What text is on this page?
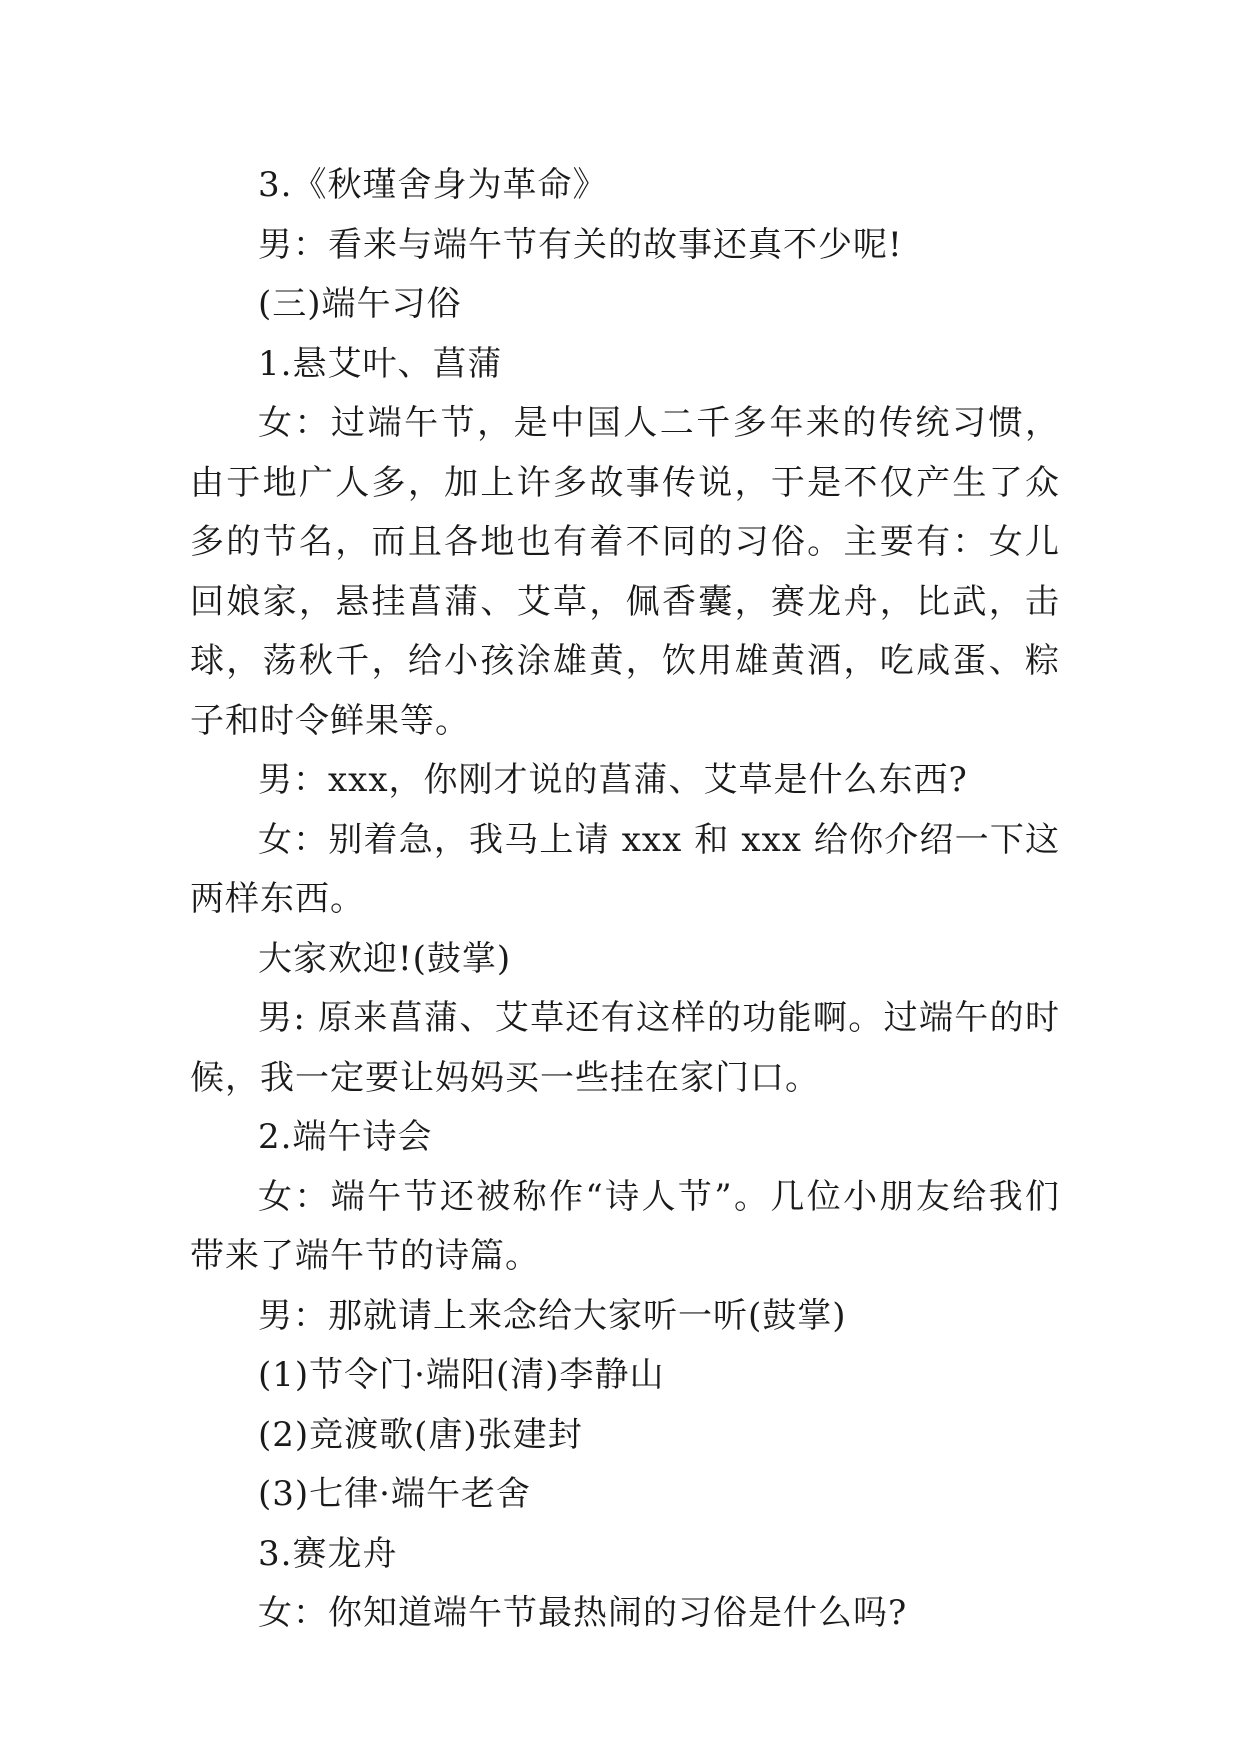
3.《秋瑾舍身为革命》

男：看来与端午节有关的故事还真不少呢!

(三)端午习俗

1.悬艾叶、菖蒲

女：过端午节，是中国人二千多年来的传统习惯，由于地广人多，加上许多故事传说，于是不仅产生了众多的节名，而且各地也有着不同的习俗。主要有：女儿回娘家，悬挂菖蒲、艾草，佩香囊，赛龙舟，比武，击球，荡秋千，给小孩涂雄黄，饮用雄黄酒，吃咸蛋、粽子和时令鲜果等。

男：xxx，你刚才说的菖蒲、艾草是什么东西?

女：别着急，我马上请 xxx 和 xxx 给你介绍一下这两样东西。

大家欢迎!(鼓掌)

男: 原来菖蒲、艾草还有这样的功能啊。过端午的时候，我一定要让妈妈买一些挂在家门口。

2.端午诗会

女：端午节还被称作“诗人节”。几位小朋友给我们带来了端午节的诗篇。

男：那就请上来念给大家听一听(鼓掌)

(1)节令门·端阳(清)李静山

(2)竞渡歌(唐)张建封

(3)七律·端午老舍

3.赛龙舟

女：你知道端午节最热闹的习俗是什么吗?
